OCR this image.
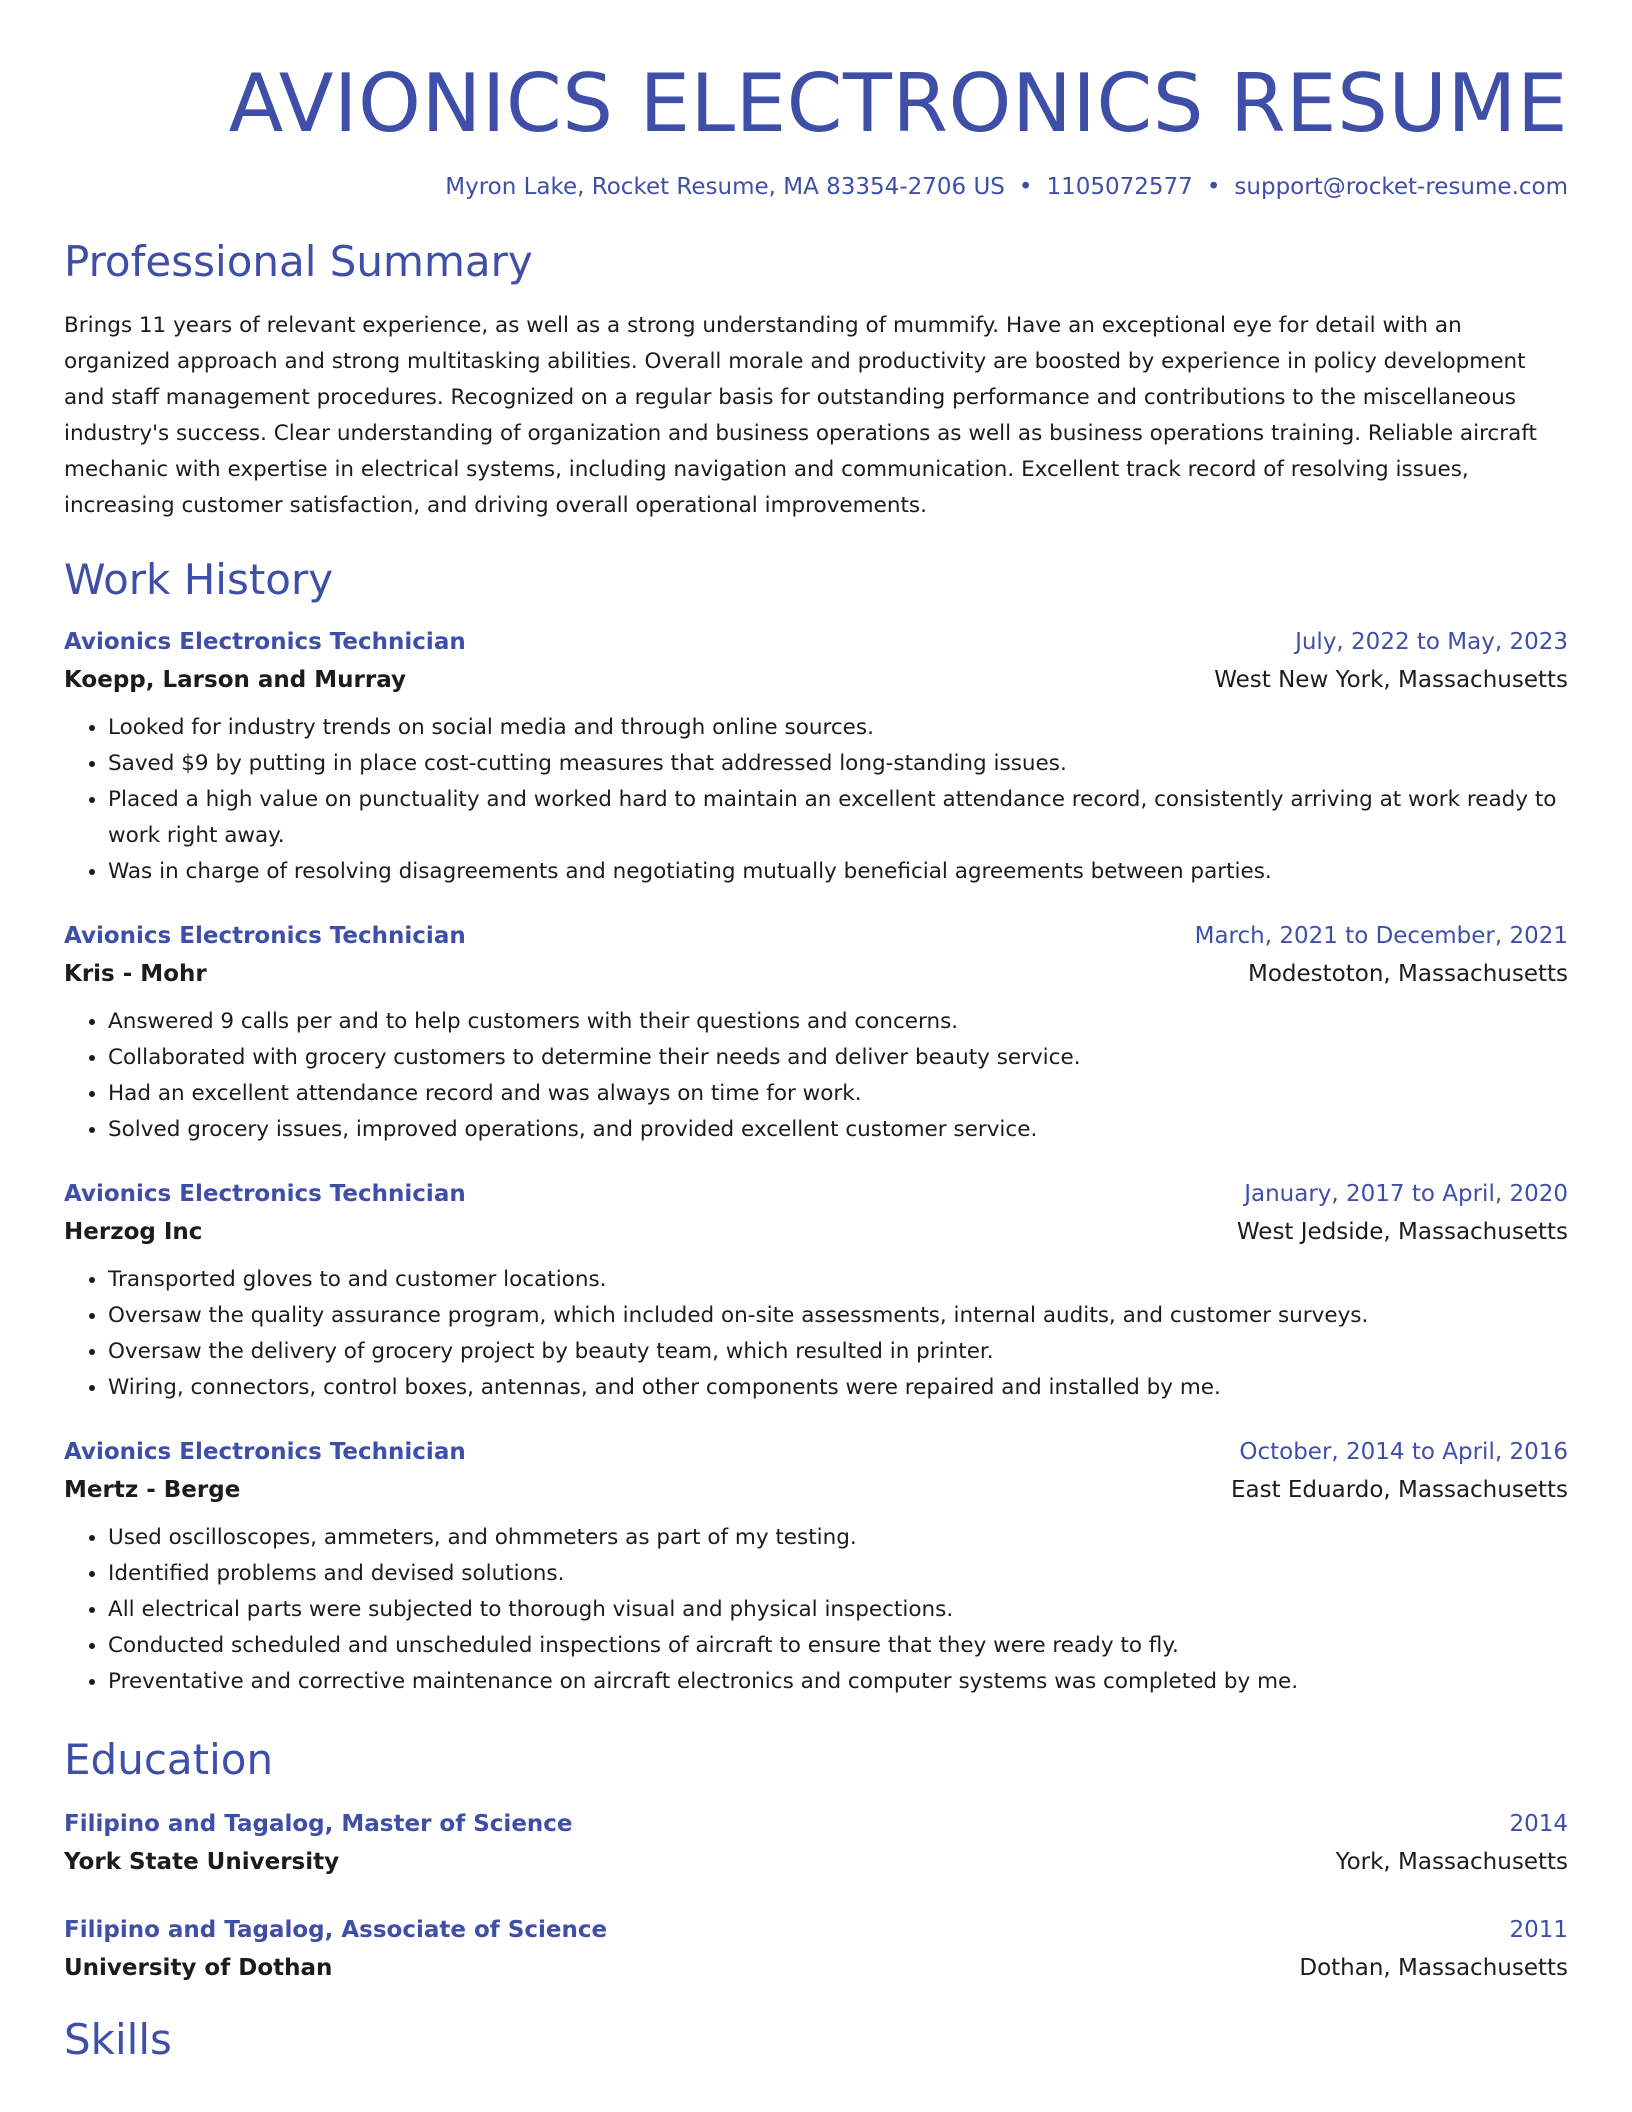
AVIONICS ELECTRONICS RESUME
Myron Lake, Rocket Resume, MA 83354-2706 US • 1105072577 • support@rocket-resume.com
Professional Summary

Brings 11 years of relevant experience, as well as a strong understanding of mummify. Have an exceptional eye for detail with an organized approach and strong multitasking abilities. Overall morale and productivity are boosted by experience in policy development and staff management procedures. Recognized on a regular basis for outstanding performance and contributions to the miscellaneous industry's success. Clear understanding of organization and business operations as well as business operations training. Reliable aircraft mechanic with expertise in electrical systems, including navigation and communication. Excellent track record of resolving issues, increasing customer satisfaction, and driving overall operational improvements.

Work History
Avionics Electronics Technician	July, 2022 to May, 2023
Koepp, Larson and Murray	West New York, Massachusetts
• Looked for industry trends on social media and through online sources.
• Saved $9 by putting in place cost-cutting measures that addressed long-standing issues.
• Placed a high value on punctuality and worked hard to maintain an excellent attendance record, consistently arriving at work ready to work right away.
• Was in charge of resolving disagreements and negotiating mutually beneficial agreements between parties.
Avionics Electronics Technician	March, 2021 to December, 2021
Kris - Mohr	Modestoton, Massachusetts
• Answered 9 calls per and to help customers with their questions and concerns.
• Collaborated with grocery customers to determine their needs and deliver beauty service.
• Had an excellent attendance record and was always on time for work.
• Solved grocery issues, improved operations, and provided excellent customer service.
Avionics Electronics Technician	January, 2017 to April, 2020
Herzog Inc	West Jedside, Massachusetts
• Transported gloves to and customer locations.
• Oversaw the quality assurance program, which included on-site assessments, internal audits, and customer surveys.
• Oversaw the delivery of grocery project by beauty team, which resulted in printer.
• Wiring, connectors, control boxes, antennas, and other components were repaired and installed by me.
Avionics Electronics Technician	October, 2014 to April, 2016
Mertz - Berge	East Eduardo, Massachusetts
• Used oscilloscopes, ammeters, and ohmmeters as part of my testing.
• Identified problems and devised solutions.
• All electrical parts were subjected to thorough visual and physical inspections.
• Conducted scheduled and unscheduled inspections of aircraft to ensure that they were ready to fly.
• Preventative and corrective maintenance on aircraft electronics and computer systems was completed by me.
Education
Filipino and Tagalog, Master of Science	2014
York State University	York, Massachusetts
Filipino and Tagalog, Associate of Science	2011
University of Dothan	Dothan, Massachusetts
Skills
